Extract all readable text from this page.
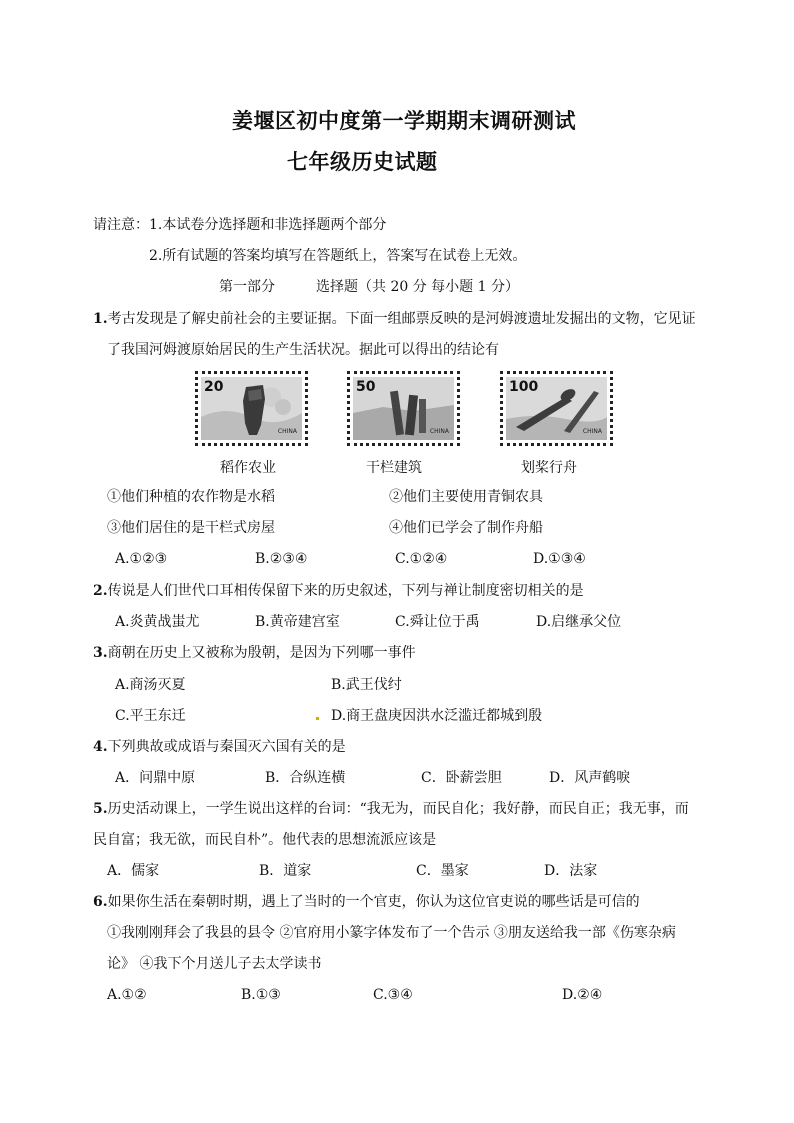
姜堰区初中度第一学期期末调研测试
七年级历史试题
请注意：1.本试卷分选择题和非选择题两个部分
2.所有试题的答案均填写在答题纸上，答案写在试卷上无效。
第一部分	选择题（共 20 分 每小题 1 分）
1.考古发现是了解史前社会的主要证据。下面一组邮票反映的是河姆渡遗址发掘出的文物，它见证
了我国河姆渡原始居民的生产生活状况。据此可以得出的结论有
20
CHINA
50
CHINA
100
CHINA
稻作农业	干栏建筑	划桨行舟
①他们种植的农作物是水稻	②他们主要使用青铜农具
③他们居住的是干栏式房屋	④他们已学会了制作舟船
A.①②③	B.②③④	C.①②④	D.①③④
2.传说是人们世代口耳相传保留下来的历史叙述，下列与禅让制度密切相关的是
A.炎黄战蚩尤	B.黄帝建宫室	C.舜让位于禹	D.启继承父位
3.商朝在历史上又被称为殷朝，是因为下列哪一事件
A.商汤灭夏	B.武王伐纣
C.平王东迁	D.商王盘庚因洪水泛滥迁都城到殷
4.下列典故或成语与秦国灭六国有关的是
A．问鼎中原	B．合纵连横	C．卧薪尝胆	D．风声鹤唳
5.历史活动课上，一学生说出这样的台词：“我无为，而民自化；我好静，而民自正；我无事，而
民自富；我无欲，而民自朴”。他代表的思想流派应该是
A．儒家	B．道家	C．墨家	D．法家
6.如果你生活在秦朝时期，遇上了当时的一个官吏，你认为这位官吏说的哪些话是可信的
①我刚刚拜会了我县的县令 ②官府用小篆字体发布了一个告示 ③朋友送给我一部《伤寒杂病
论》 ④我下个月送儿子去太学读书
A.①②	B.①③	C.③④	D.②④
